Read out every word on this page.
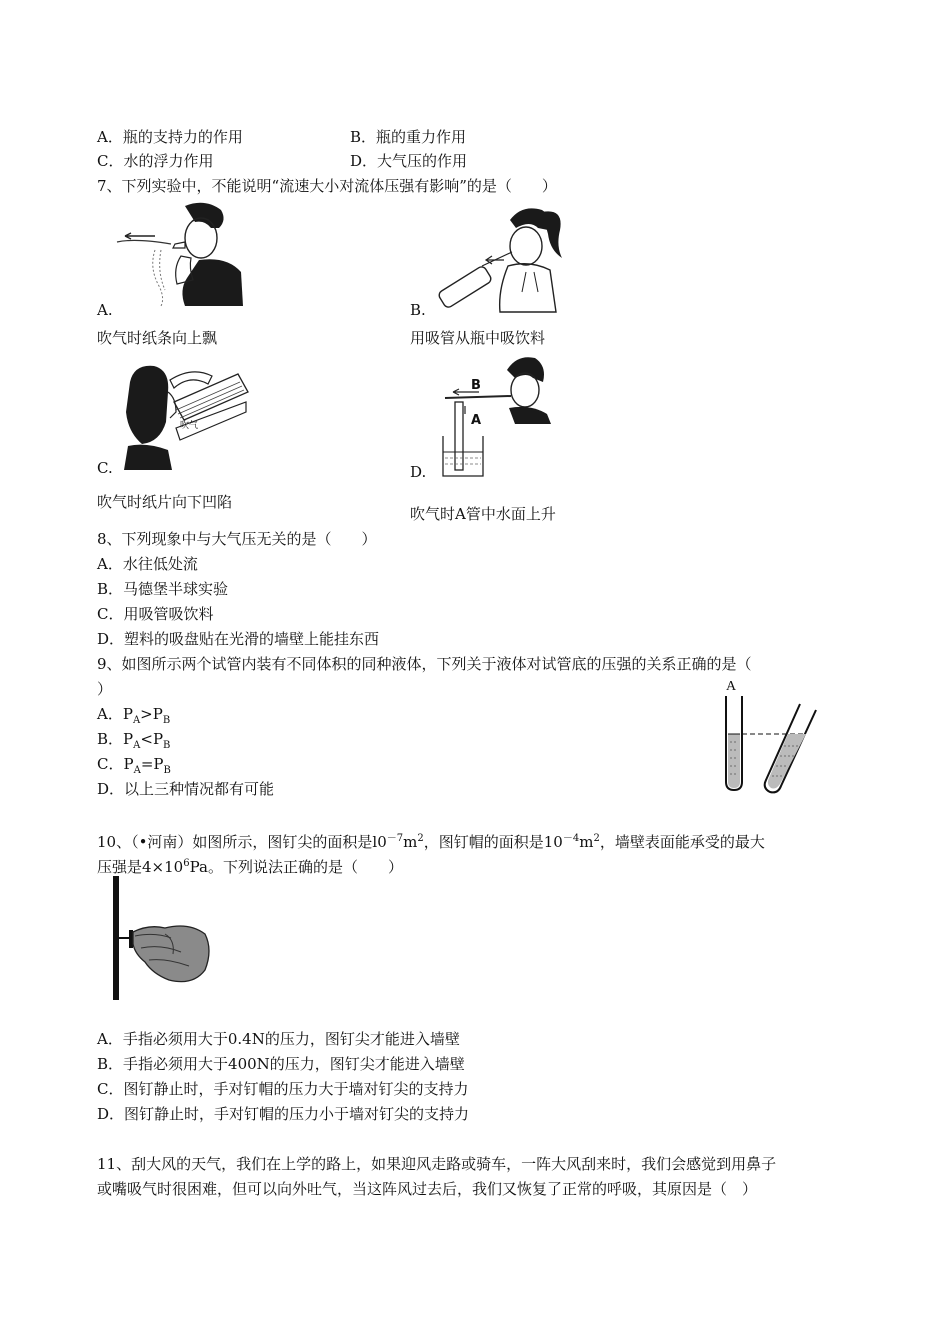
A．瓶的支持力的作用	B．瓶的重力作用
C．水的浮力作用	D．大气压的作用
7、下列实验中，不能说明“流速大小对流体压强有影响”的是（　　）
A.
吹气时纸条向上飘
B.
用吸管从瓶中吸饮料
吹气
C.
吹气时纸片向下凹陷
B
A
D.
吹气时A管中水面上升
8、下列现象中与大气压无关的是（　　）
A．水往低处流
B．马德堡半球实验
C．用吸管吸饮料
D．塑料的吸盘贴在光滑的墙壁上能挂东西
9、如图所示两个试管内装有不同体积的同种液体，下列关于液体对试管底的压强的关系正确的是（
）
A．$P_A>P_B$
B．$P_A<P_B$
C．$P_A=P_B$
D．以上三种情况都有可能
A
10、（•河南）如图所示，图钉尖的面积是$l0^{-7}m^2$，图钉帽的面积是$10^{-4}m^2$，墙壁表面能承受的最大
压强是$4\times 10^6Pa$。下列说法正确的是（　　）
A．手指必须用大于0.4N的压力，图钉尖才能进入墙壁
B．手指必须用大于400N的压力，图钉尖才能进入墙壁
C．图钉静止时，手对钉帽的压力大于墙对钉尖的支持力
D．图钉静止时，手对钉帽的压力小于墙对钉尖的支持力
11、刮大风的天气，我们在上学的路上，如果迎风走路或骑车，一阵大风刮来时，我们会感觉到用鼻子
或嘴吸气时很困难，但可以向外吐气，当这阵风过去后，我们又恢复了正常的呼吸，其原因是（　）
